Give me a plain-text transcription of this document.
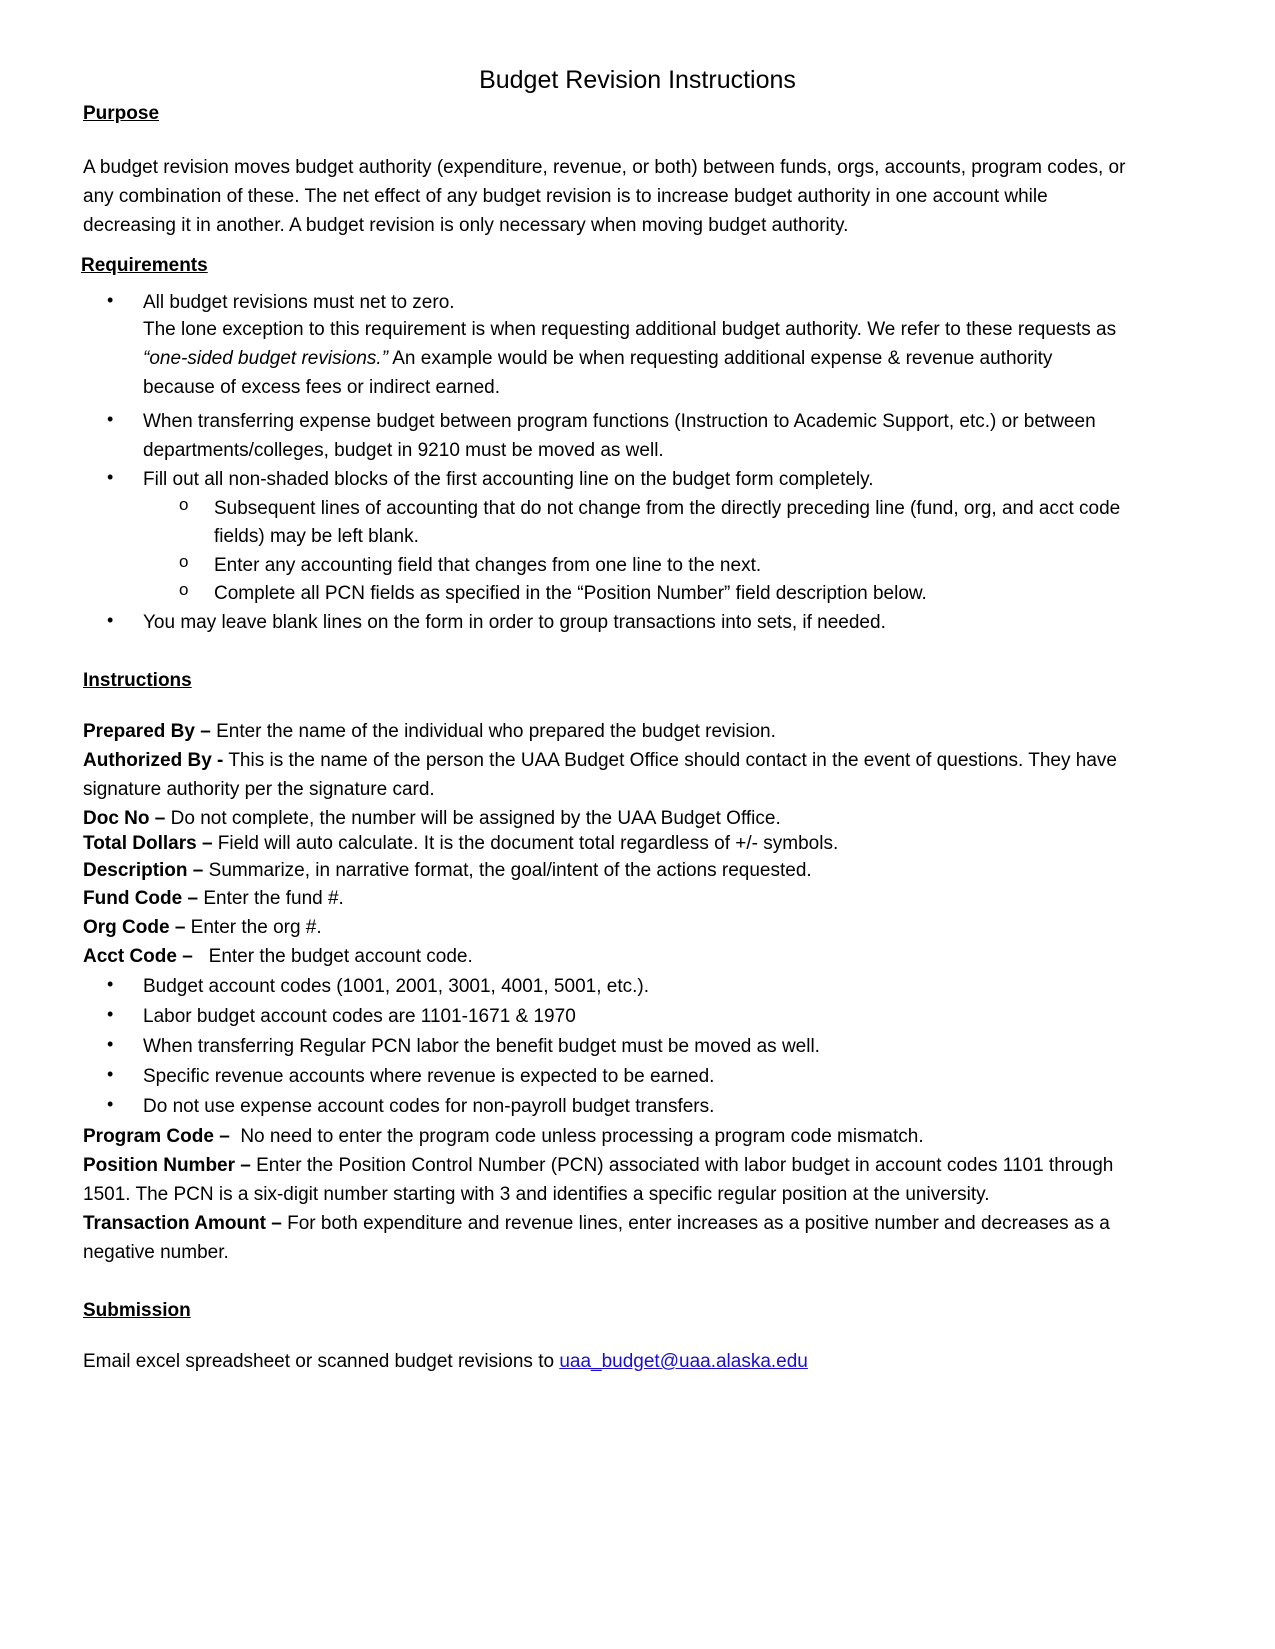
Budget Revision Instructions
Purpose
A budget revision moves budget authority (expenditure, revenue, or both) between funds, orgs, accounts, program codes, or
any combination of these. The net effect of any budget revision is to increase budget authority in one account while
decreasing it in another. A budget revision is only necessary when moving budget authority.
Requirements
• All budget revisions must net to zero.
The lone exception to this requirement is when requesting additional budget authority. We refer to these requests as
“one-sided budget revisions.” An example would be when requesting additional expense & revenue authority
because of excess fees or indirect earned.
• When transferring expense budget between program functions (Instruction to Academic Support, etc.) or between
departments/colleges, budget in 9210 must be moved as well.
• Fill out all non-shaded blocks of the first accounting line on the budget form completely.
o Subsequent lines of accounting that do not change from the directly preceding line (fund, org, and acct code
fields) may be left blank.
o Enter any accounting field that changes from one line to the next.
o Complete all PCN fields as specified in the “Position Number” field description below.
• You may leave blank lines on the form in order to group transactions into sets, if needed.
Instructions
Prepared By – Enter the name of the individual who prepared the budget revision.
Authorized By - This is the name of the person the UAA Budget Office should contact in the event of questions. They have
signature authority per the signature card.
Doc No – Do not complete, the number will be assigned by the UAA Budget Office.
Total Dollars – Field will auto calculate. It is the document total regardless of +/- symbols.
Description – Summarize, in narrative format, the goal/intent of the actions requested.
Fund Code – Enter the fund #.
Org Code – Enter the org #.
Acct Code –   Enter the budget account code.
• Budget account codes (1001, 2001, 3001, 4001, 5001, etc.).
• Labor budget account codes are 1101-1671 & 1970
• When transferring Regular PCN labor the benefit budget must be moved as well.
• Specific revenue accounts where revenue is expected to be earned.
• Do not use expense account codes for non-payroll budget transfers.
Program Code –  No need to enter the program code unless processing a program code mismatch.
Position Number – Enter the Position Control Number (PCN) associated with labor budget in account codes 1101 through
1501. The PCN is a six-digit number starting with 3 and identifies a specific regular position at the university.
Transaction Amount – For both expenditure and revenue lines, enter increases as a positive number and decreases as a
negative number.
Submission
Email excel spreadsheet or scanned budget revisions to uaa_budget@uaa.alaska.edu
